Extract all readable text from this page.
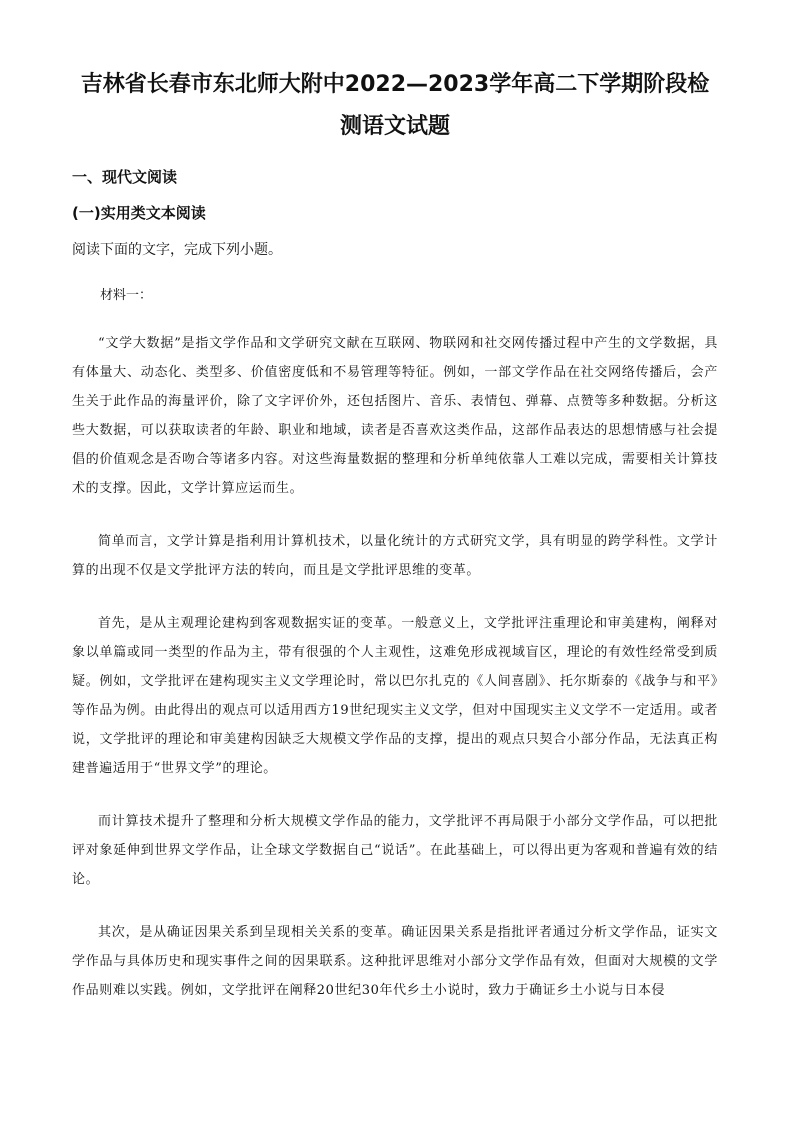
吉林省长春市东北师大附中2022—2023学年高二下学期阶段检测语文试题
一、现代文阅读
(一)实用类文本阅读

阅读下面的文字，完成下列小题。

材料一：

“文学大数据”是指文学作品和文学研究文献在互联网、物联网和社交网传播过程中产生的文学数据，具有体量大、动态化、类型多、价值密度低和不易管理等特征。例如，一部文学作品在社交网络传播后，会产生关于此作品的海量评价，除了文字评价外，还包括图片、音乐、表情包、弹幕、点赞等多种数据。分析这些大数据，可以获取读者的年龄、职业和地域，读者是否喜欢这类作品，这部作品表达的思想情感与社会提倡的价值观念是否吻合等诸多内容。对这些海量数据的整理和分析单纯依靠人工难以完成，需要相关计算技术的支撑。因此，文学计算应运而生。

简单而言，文学计算是指利用计算机技术，以量化统计的方式研究文学，具有明显的跨学科性。文学计算的出现不仅是文学批评方法的转向，而且是文学批评思维的变革。

首先，是从主观理论建构到客观数据实证的变革。一般意义上，文学批评注重理论和审美建构，阐释对象以单篇或同一类型的作品为主，带有很强的个人主观性，这难免形成视域盲区，理论的有效性经常受到质疑。例如，文学批评在建构现实主义文学理论时，常以巴尔扎克的《人间喜剧》、托尔斯泰的《战争与和平》等作品为例。由此得出的观点可以适用西方19世纪现实主义文学，但对中国现实主义文学不一定适用。或者说，文学批评的理论和审美建构因缺乏大规模文学作品的支撑，提出的观点只契合小部分作品，无法真正构建普遍适用于“世界文学”的理论。

而计算技术提升了整理和分析大规模文学作品的能力，文学批评不再局限于小部分文学作品，可以把批评对象延伸到世界文学作品，让全球文学数据自己“说话”。在此基础上，可以得出更为客观和普遍有效的结论。

其次，是从确证因果关系到呈现相关关系的变革。确证因果关系是指批评者通过分析文学作品，证实文学作品与具体历史和现实事件之间的因果联系。这种批评思维对小部分文学作品有效，但面对大规模的文学作品则难以实践。例如，文学批评在阐释20世纪30年代乡土小说时，致力于确证乡土小说与日本侵
